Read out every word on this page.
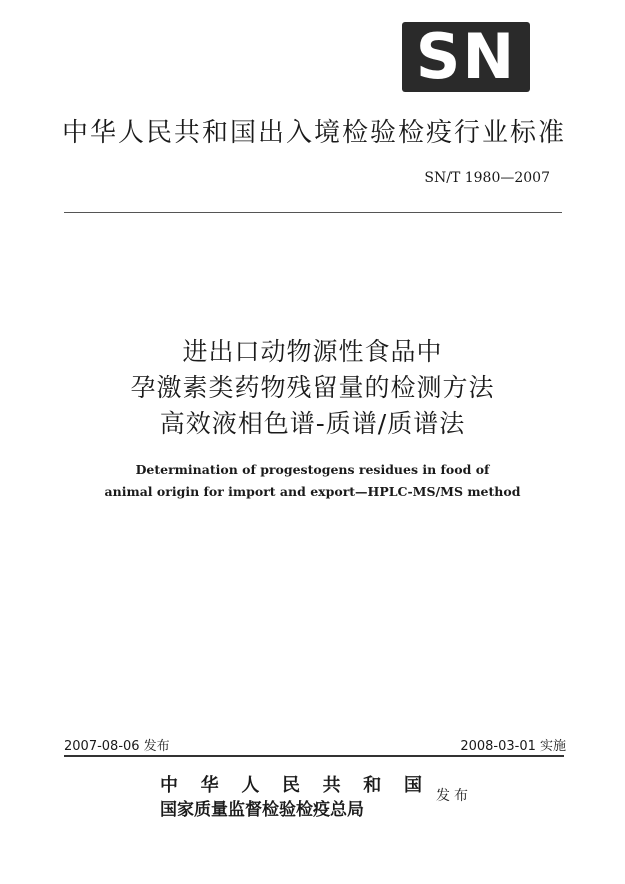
SN
中华人民共和国出入境检验检疫行业标准
SN/T 1980—2007
进出口动物源性食品中
孕激素类药物残留量的检测方法
高效液相色谱-质谱/质谱法
Determination of progestogens residues in food of
animal origin for import and export—HPLC-MS/MS method
2007-08-06 发布	2008-03-01 实施
中 华 人 民 共 和 国
国家质量监督检验检疫总局
发布
